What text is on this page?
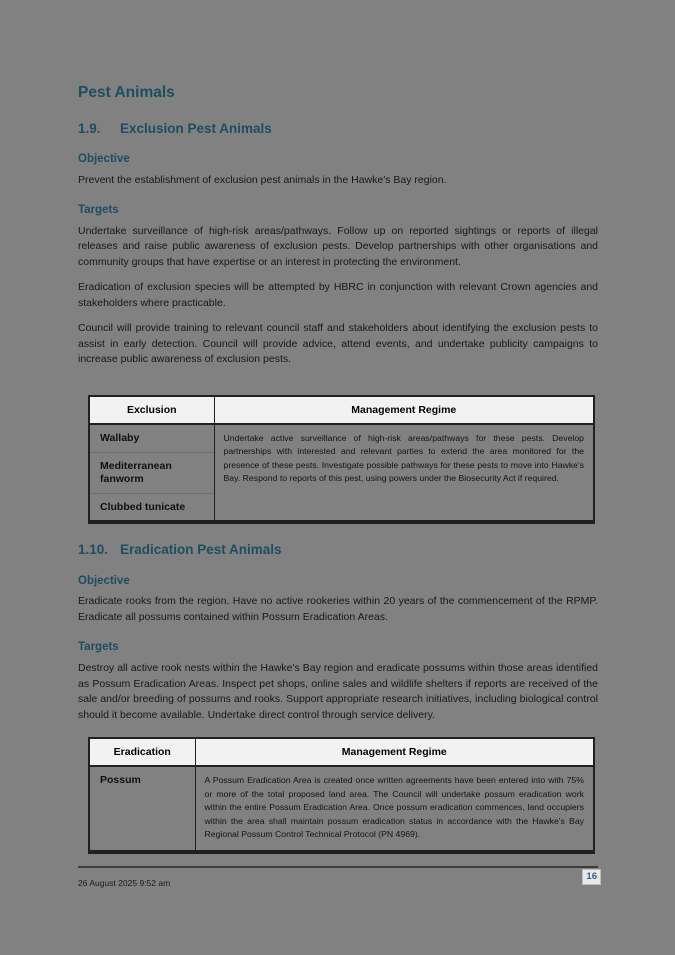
Pest Animals
1.9.	Exclusion Pest Animals
Objective

Prevent the establishment of exclusion pest animals in the Hawke's Bay region.

Targets

Undertake surveillance of high-risk areas/pathways. Follow up on reported sightings or reports of illegal releases and raise public awareness of exclusion pests. Develop partnerships with other organisations and community groups that have expertise or an interest in protecting the environment.

Eradication of exclusion species will be attempted by HBRC in conjunction with relevant Crown agencies and stakeholders where practicable.

Council will provide training to relevant council staff and stakeholders about identifying the exclusion pests to assist in early detection. Council will provide advice, attend events, and undertake publicity campaigns to increase public awareness of exclusion pests.

Exclusion	Management Regime
Wallaby	Undertake active surveillance of high-risk areas/pathways for these pests. Develop partnerships with interested and relevant parties to extend the area monitored for the presence of these pests. Investigate possible pathways for these pests to move into Hawke's Bay. Respond to reports of this pest, using powers under the Biosecurity Act if required.
Mediterranean fanworm	
Clubbed tunicate	
1.10. Eradication Pest Animals
Objective

Eradicate rooks from the region. Have no active rookeries within 20 years of the commencement of the RPMP. Eradicate all possums contained within Possum Eradication Areas.

Targets

Destroy all active rook nests within the Hawke's Bay region and eradicate possums within those areas identified as Possum Eradication Areas. Inspect pet shops, online sales and wildlife shelters if reports are received of the sale and/or breeding of possums and rooks. Support appropriate research initiatives, including biological control should it become available. Undertake direct control through service delivery.

Eradication	Management Regime
Possum	A Possum Eradication Area is created once written agreements have been entered into with 75% or more of the total proposed land area. The Council will undertake possum eradication work within the entire Possum Eradication Area. Once possum eradication commences, land occupiers within the area shall maintain possum eradication status in accordance with the Hawke's Bay Regional Possum Control Technical Protocol (PN 4969).
16
26 August 2025 9:52 am
